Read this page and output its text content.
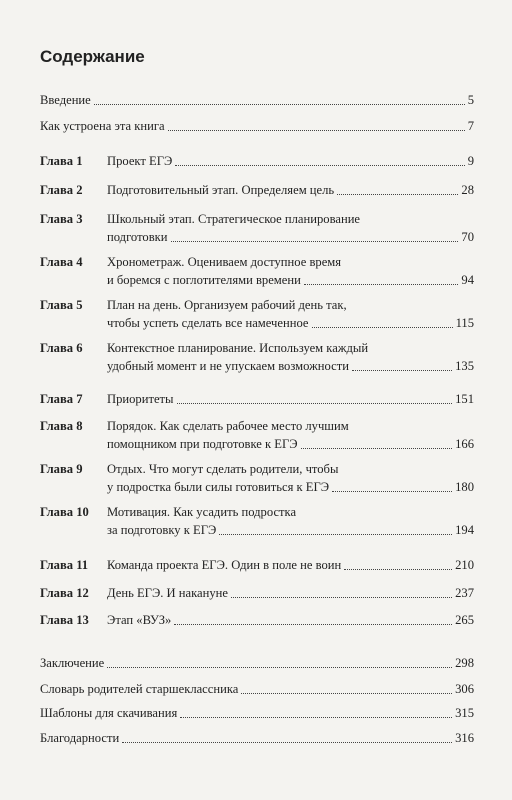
Содержание
Введение	5
Как устроена эта книга	7
Глава 1 Проект ЕГЭ	9
Глава 2 Подготовительный этап. Определяем цель	28
Глава 3 Школьный этап. Стратегическое планирование
подготовки	70
Глава 4 Хронометраж. Оцениваем доступное время
и боремся с поглотителями времени	94
Глава 5 План на день. Организуем рабочий день так,
чтобы успеть сделать все намеченное	115
Глава 6 Контекстное планирование. Используем каждый
удобный момент и не упускаем возможности	135
Глава 7 Приоритеты	151
Глава 8 Порядок. Как сделать рабочее место лучшим
помощником при подготовке к ЕГЭ	166
Глава 9 Отдых. Что могут сделать родители, чтобы
у подростка были силы готовиться к ЕГЭ	180
Глава 10 Мотивация. Как усадить подростка
за подготовку к ЕГЭ	194
Глава 11 Команда проекта ЕГЭ. Один в поле не воин	210
Глава 12 День ЕГЭ. И накануне	237
Глава 13 Этап «ВУЗ»	265
Заключение	298
Словарь родителей старшеклассника	306
Шаблоны для скачивания	315
Благодарности	316
